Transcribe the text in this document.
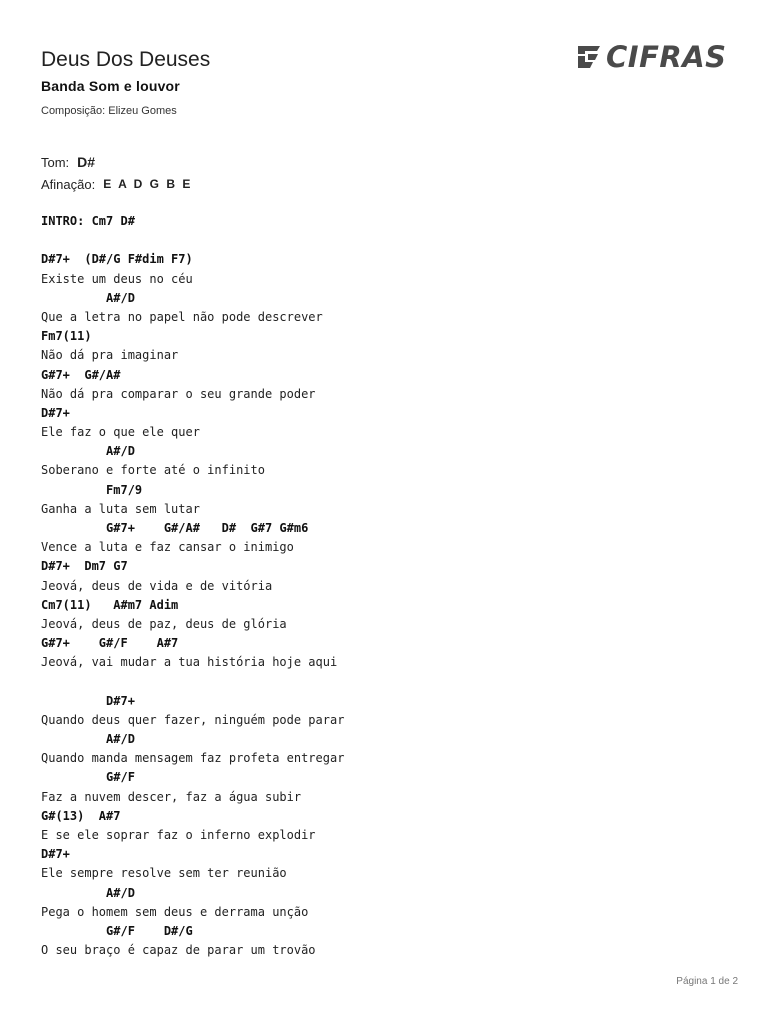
Deus Dos Deuses
Banda Som e louvor
Composição: Elizeu Gomes
CIFRAS
Tom: D#
Afinação: E A D G B E
INTRO: Cm7 D#
D#7+  (D#/G F#dim F7)
Existe um deus no céu
A#/D
Que a letra no papel não pode descrever
Fm7(11)
Não dá pra imaginar
G#7+  G#/A#
Não dá pra comparar o seu grande poder
D#7+
Ele faz o que ele quer
A#/D
Soberano e forte até o infinito
Fm7/9
Ganha a luta sem lutar
G#7+    G#/A#   D#  G#7 G#m6
Vence a luta e faz cansar o inimigo
D#7+  Dm7 G7
Jeová, deus de vida e de vitória
Cm7(11)   A#m7 Adim
Jeová, deus de paz, deus de glória
G#7+    G#/F    A#7
Jeová, vai mudar a tua história hoje aqui
D#7+
Quando deus quer fazer, ninguém pode parar
A#/D
Quando manda mensagem faz profeta entregar
G#/F
Faz a nuvem descer, faz a água subir
G#(13)  A#7
E se ele soprar faz o inferno explodir
D#7+
Ele sempre resolve sem ter reunião
A#/D
Pega o homem sem deus e derrama unção
G#/F    D#/G
O seu braço é capaz de parar um trovão
Página 1 de 2
